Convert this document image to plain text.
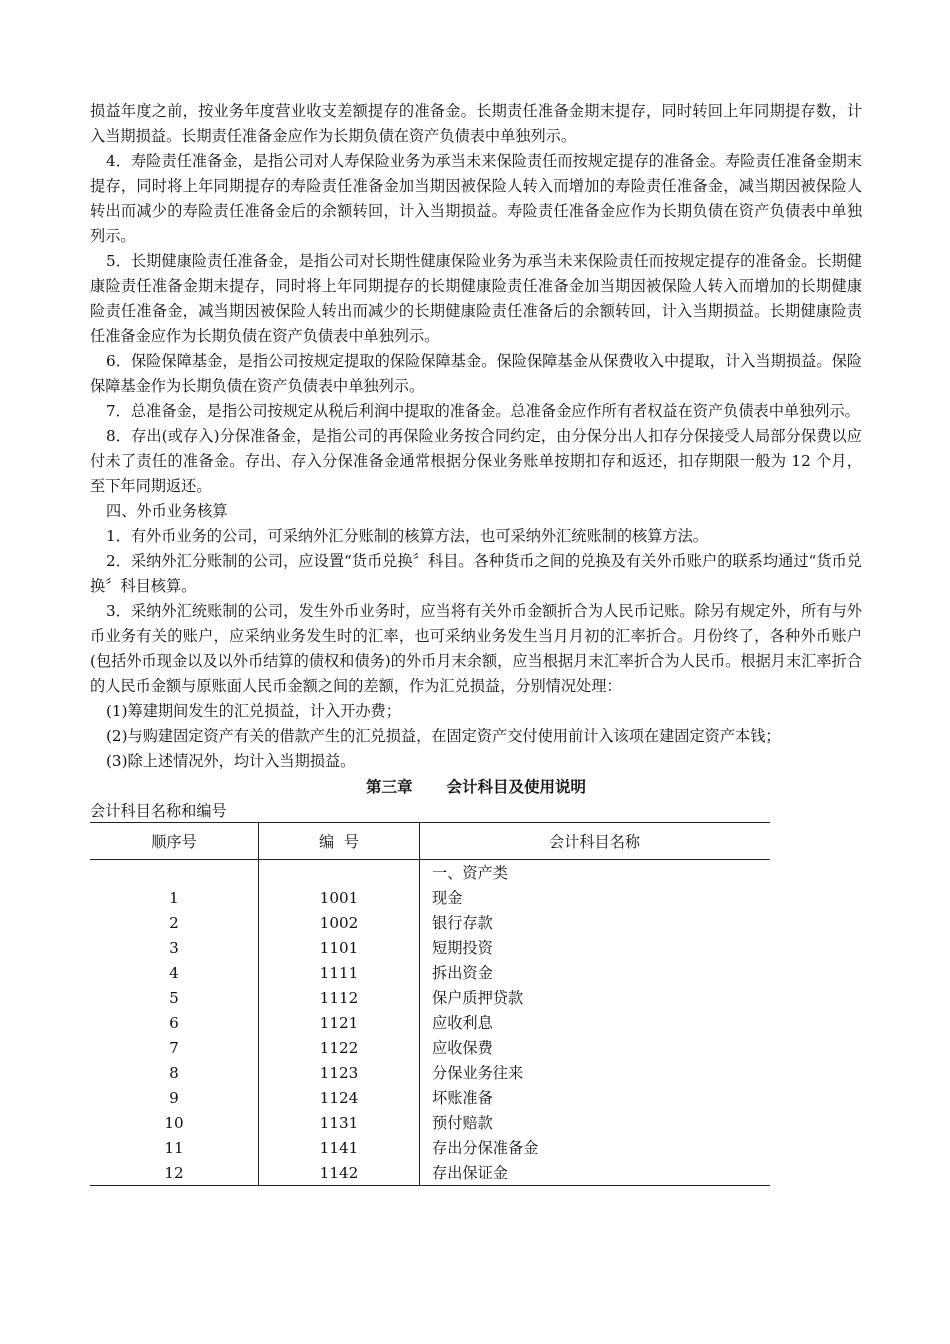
损益年度之前，按业务年度营业收支差额提存的准备金。长期责任准备金期末提存，同时转回上年同期提存数，计入当期损益。长期责任准备金应作为长期负债在资产负债表中单独列示。

4．寿险责任准备金，是指公司对人寿保险业务为承当未来保险责任而按规定提存的准备金。寿险责任准备金期末提存，同时将上年同期提存的寿险责任准备金加当期因被保险人转入而增加的寿险责任准备金，减当期因被保险人转出而减少的寿险责任准备金后的余额转回，计入当期损益。寿险责任准备金应作为长期负债在资产负债表中单独列示。

5．长期健康险责任准备金，是指公司对长期性健康保险业务为承当未来保险责任而按规定提存的准备金。长期健康险责任准备金期末提存，同时将上年同期提存的长期健康险责任准备金加当期因被保险人转入而增加的长期健康险责任准备金，减当期因被保险人转出而减少的长期健康险责任准备后的余额转回，计入当期损益。长期健康险责任准备金应作为长期负债在资产负债表中单独列示。

6．保险保障基金，是指公司按规定提取的保险保障基金。保险保障基金从保费收入中提取，计入当期损益。保险保障基金作为长期负债在资产负债表中单独列示。

7．总准备金，是指公司按规定从税后利润中提取的准备金。总准备金应作所有者权益在资产负债表中单独列示。

8．存出(或存入)分保准备金，是指公司的再保险业务按合同约定，由分保分出人扣存分保接受人局部分保费以应付未了责任的准备金。存出、存入分保准备金通常根据分保业务账单按期扣存和返还，扣存期限一般为 12 个月，至下年同期返还。

四、外币业务核算

1．有外币业务的公司，可采纳外汇分账制的核算方法，也可采纳外汇统账制的核算方法。

2．采纳外汇分账制的公司，应设置“货币兑换〞科目。各种货币之间的兑换及有关外币账户的联系均通过“货币兑换〞科目核算。

3．采纳外汇统账制的公司，发生外币业务时，应当将有关外币金额折合为人民币记账。除另有规定外，所有与外币业务有关的账户，应采纳业务发生时的汇率，也可采纳业务发生当月月初的汇率折合。月份终了，各种外币账户(包括外币现金以及以外币结算的债权和债务)的外币月末余额，应当根据月末汇率折合为人民币。根据月末汇率折合的人民币金额与原账面人民币金额之间的差额，作为汇兑损益，分别情况处理：

(1)筹建期间发生的汇兑损益，计入开办费；

(2)与购建固定资产有关的借款产生的汇兑损益，在固定资产交付使用前计入该项在建固定资产本钱；

(3)除上述情况外，均计入当期损益。

第三章 会计科目及使用说明
会计科目名称和编号
顺序号	编  号	会计科目名称
		一、资产类
1	1001	现金
2	1002	银行存款
3	1101	短期投资
4	1111	拆出资金
5	1112	保户质押贷款
6	1121	应收利息
7	1122	应收保费
8	1123	分保业务往来
9	1124	坏账准备
10	1131	预付赔款
11	1141	存出分保准备金
12	1142	存出保证金
